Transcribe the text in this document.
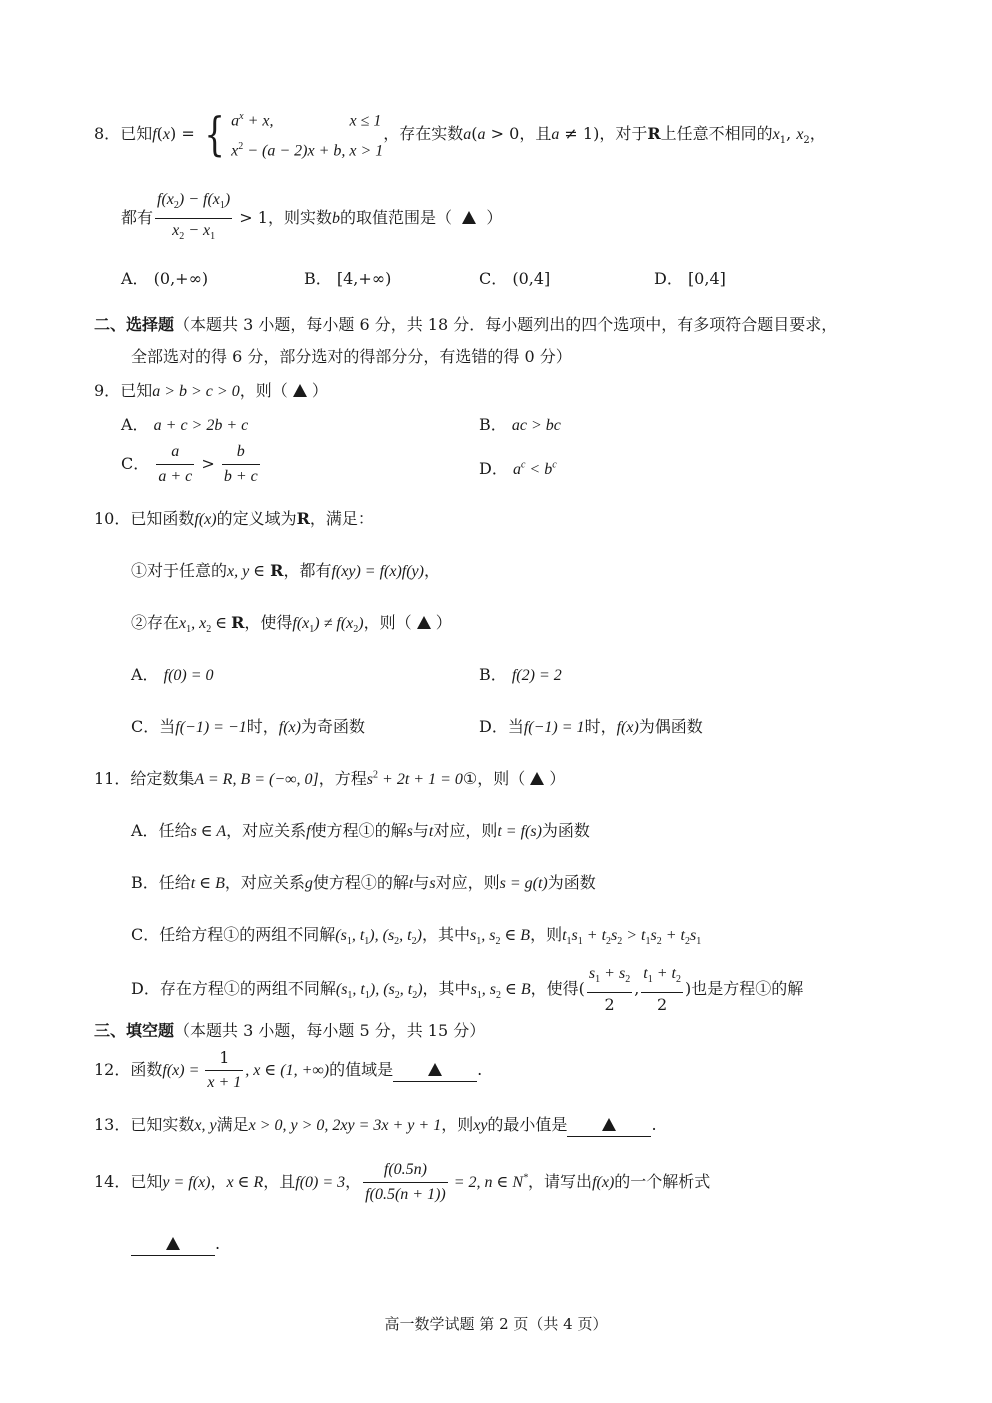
8．已知f(x) = { $a^x + x$,                   x ≤ 1
$x^2 - (a - 2)x + b$, x > 1
，存在实数a(a > 0，且a ≠ 1)，对于R上任意不相同的$x_1$, $x_2$，
都有 $\frac{f(x_2) - f(x_1)}{x_2 - x_1} > 1$，则实数b的取值范围是（ ）
A． (0,+∞)	B． [4,+∞)	C． (0,4]	D． [0,4]
二、选择题（本题共 3 小题，每小题 6 分，共 18 分．每小题列出的四个选项中，有多项符合题目要求，
全部选对的得 6 分，部分选对的得部分分，有选错的得 0 分）
9．已知a > b > c > 0，则（ ）
A． a + c > 2b + c	B． ac > bc
C． $\frac{a}{a + c} > \frac{b}{b + c}$	D． $a^c < b^c$
10．已知函数f(x)的定义域为R，满足：
①对于任意的x, y ∈ R，都有f(xy) = f(x)f(y)，
②存在$x_1$, $x_2$ ∈ R，使得$f(x_1) \ne f(x_2)$，则（ ）
A． f(0) = 0	B． f(2) = 2
C．当f(−1) = −1时，f(x)为奇函数	D．当f(−1) = 1时，f(x)为偶函数
11．给定数集A = R, B = (−∞, 0]，方程$s^2 + 2t + 1$ = 0①，则（ ）
A．任给s ∈ A，对应关系f使方程①的解s与t对应，则t = f(s)为函数
B．任给t ∈ B，对应关系g使方程①的解t与s对应，则s = g(t)为函数
C．任给方程①的两组不同解($s_1$, $t_1$), ($s_2$, $t_2$)，其中$s_1$, $s_2$ ∈ B，则$t_1s_1 + t_2s_2 > t_1s_2 + t_2s_1$
D．存在方程①的两组不同解($s_1$, $t_1$), ($s_2$, $t_2$)，其中$s_1$, $s_2$ ∈ B，使得( $\frac{s_1 + s_2}{2}$ , $\frac{t_1 + t_2}{2}$ )也是方程①的解
三、填空题（本题共 3 小题，每小题 5 分，共 15 分）
12．函数$f(x) = \frac{1}{x + 1}$ , x ∈ (1, +∞)的值域是	.
13．已知实数x, y满足x > 0, y > 0, 2xy = 3x + y + 1，则xy的最小值是	.
14．已知y = f(x)，x ∈ R，且f(0) = 3， $\frac{f(0.5n)}{f(0.5(n + 1))} = 2$, n ∈ N*，请写出f(x)的一个解析式
.
高一数学试题 第 2 页（共 4 页）
